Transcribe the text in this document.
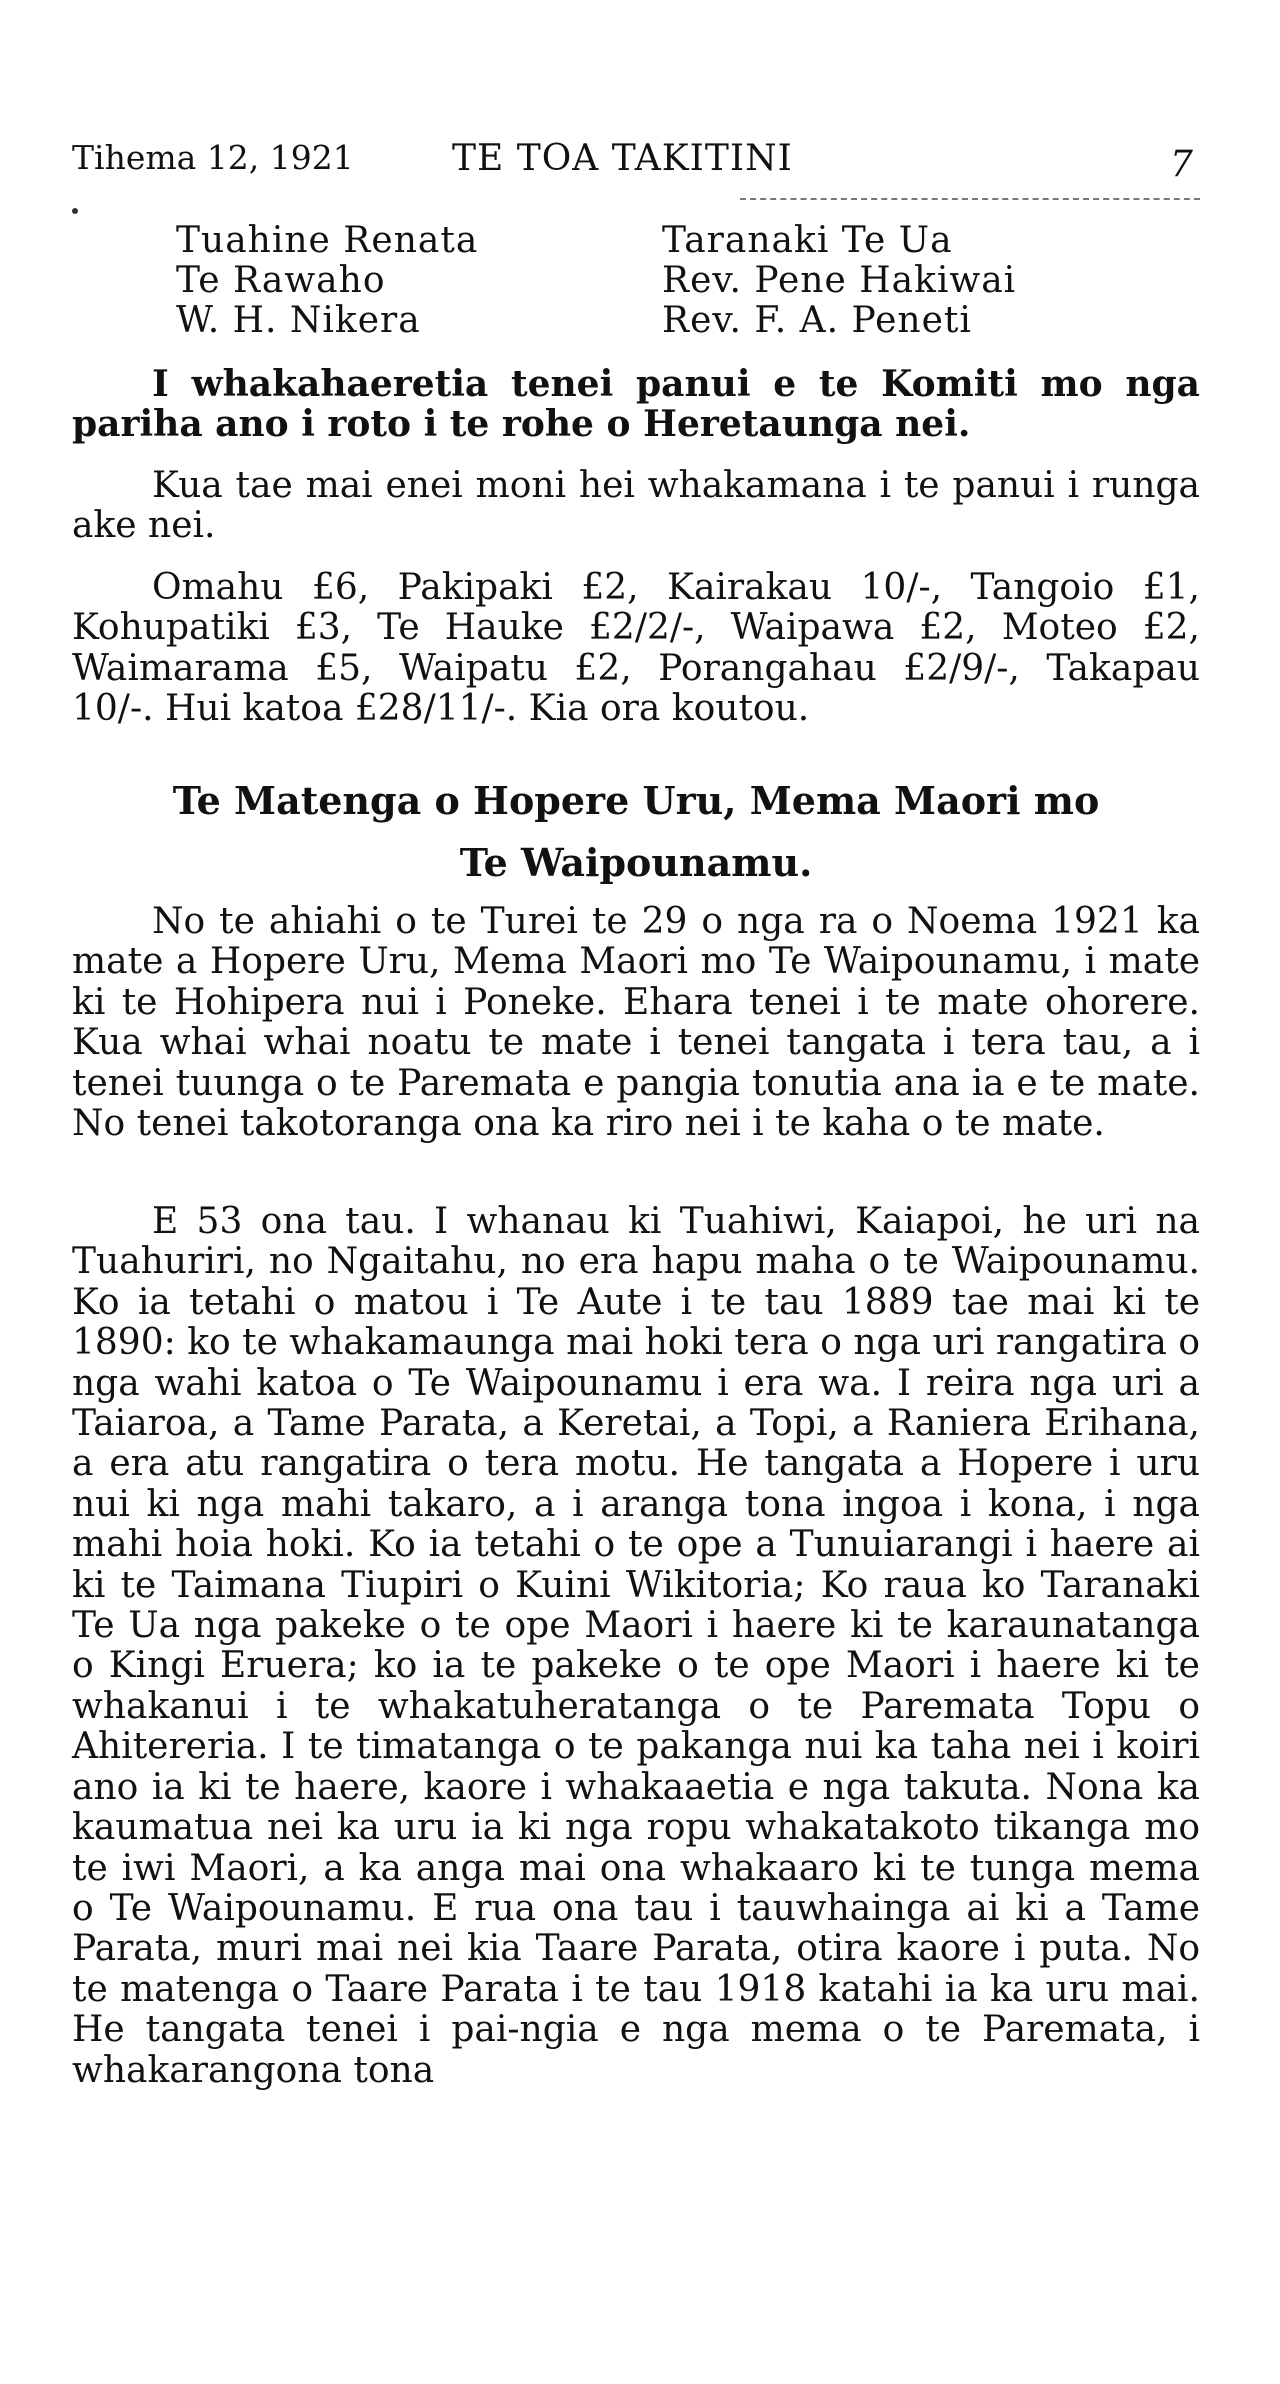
Tihema 12, 1921	TE TOA TAKITINI	7
Tuahine Renata	Taranaki Te Ua
Te Rawaho	Rev. Pene Hakiwai
W. H. Nikera	Rev. F. A. Peneti

I whakahaeretia tenei panui e te Komiti mo nga pariha ano i roto i te rohe o Heretaunga nei.

Kua tae mai enei moni hei whakamana i te panui i runga ake nei.

Omahu £6, Pakipaki £2, Kairakau 10/-, Tangoio £1, Kohupatiki £3, Te Hauke £2/2/-, Waipawa £2, Moteo £2, Waimarama £5, Waipatu £2, Porangahau £2/9/-, Takapau 10/-. Hui katoa £28/11/-. Kia ora koutou.

Te Matenga o Hopere Uru, Mema Maori mo
Te Waipounamu.

No te ahiahi o te Turei te 29 o nga ra o Noema 1921 ka mate a Hopere Uru, Mema Maori mo Te Waipounamu, i mate ki te Hohipera nui i Poneke. Ehara tenei i te mate ohorere. Kua whai whai noatu te mate i tenei tangata i tera tau, a i tenei tuunga o te Paremata e pangia tonutia ana ia e te mate. No tenei takotoranga ona ka riro nei i te kaha o te mate.

E 53 ona tau. I whanau ki Tuahiwi, Kaiapoi, he uri na Tuahuriri, no Ngaitahu, no era hapu maha o te Waipounamu. Ko ia tetahi o matou i Te Aute i te tau 1889 tae mai ki te 1890: ko te whakamaunga mai hoki tera o nga uri rangatira o nga wahi katoa o Te Waipounamu i era wa. I reira nga uri a Taiaroa, a Tame Parata, a Keretai, a Topi, a Raniera Erihana, a era atu rangatira o tera motu. He tangata a Hopere i uru nui ki nga mahi takaro, a i aranga tona ingoa i kona, i nga mahi hoia hoki. Ko ia tetahi o te ope a Tunuiarangi i haere ai ki te Taimana Tiupiri o Kuini Wikitoria; Ko raua ko Taranaki Te Ua nga pakeke o te ope Maori i haere ki te karaunatanga o Kingi Eruera; ko ia te pakeke o te ope Maori i haere ki te whakanui i te whakatuheratanga o te Paremata Topu o Ahitereria. I te timatanga o te pakanga nui ka taha nei i koiri ano ia ki te haere, kaore i whakaaetia e nga takuta. Nona ka kaumatua nei ka uru ia ki nga ropu whakatakoto tikanga mo te iwi Maori, a ka anga mai ona whakaaro ki te tunga mema o Te Waipounamu. E rua ona tau i tauwhainga ai ki a Tame Parata, muri mai nei kia Taare Parata, otira kaore i puta. No te matenga o Taare Parata i te tau 1918 katahi ia ka uru mai. He tangata tenei i pai-ngia e nga mema o te Paremata, i whakarangona tona
